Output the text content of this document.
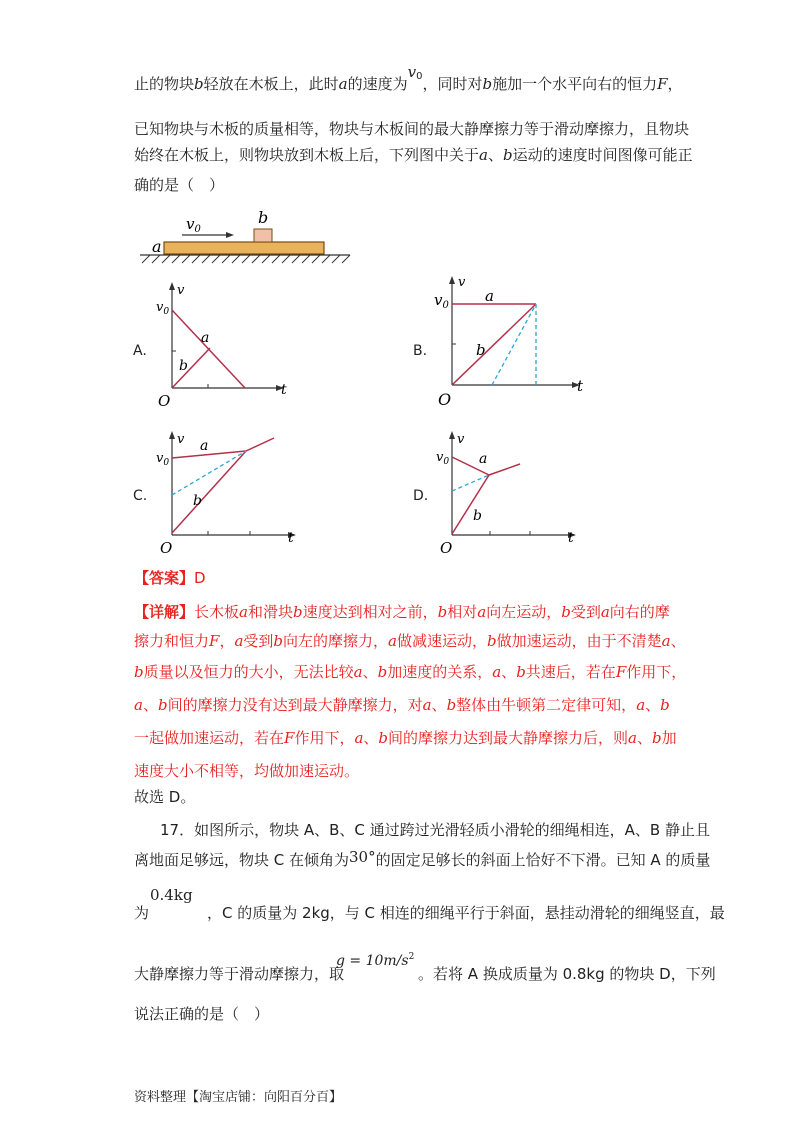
止的物块b轻放在木板上，此时a的速度为$v^0$，同时对b施加一个水平向右的恒力F，
已知物块与木板的质量相等，物块与木板间的最大静摩擦力等于滑动摩擦力，且物块
始终在木板上，则物块放到木板上后，下列图中关于a、b运动的速度时间图像可能正
确的是（　）
$v_0$
a
b
A.
v
$v_0$
a
b
O
t
B.
v
$v_0$
a
b
O
t
C.
v
$v_0$
a
b
O
t
D.
v
$v_0$ a
b
O
t
【答案】D
【详解】长木板a和滑块b速度达到相对之前，b相对a向左运动，b受到a向右的摩
擦力和恒力F，a受到b向左的摩擦力，a做减速运动，b做加速运动，由于不清楚a、
b质量以及恒力的大小，无法比较a、b加速度的关系，a、b共速后，若在F作用下，
a、b间的摩擦力没有达到最大静摩擦力，对a、b整体由牛顿第二定律可知，a、b
一起做加速运动，若在F作用下，a、b间的摩擦力达到最大静摩擦力后，则a、b加
速度大小不相等，均做加速运动。
故选 D。
17．如图所示，物块 A、B、C 通过跨过光滑轻质小滑轮的细绳相连，A、B 静止且
离地面足够远，物块 C 在倾角为30°的固定足够长的斜面上恰好不下滑。已知 A 的质量
0.4kg
为	，C 的质量为 2kg，与 C 相连的细绳平行于斜面，悬挂动滑轮的细绳竖直，最
$g = 10m/s^2$
大静摩擦力等于滑动摩擦力，取	。若将 A 换成质量为 0.8kg 的物块 D，下列
说法正确的是（　）
资料整理【淘宝店铺：向阳百分百】
